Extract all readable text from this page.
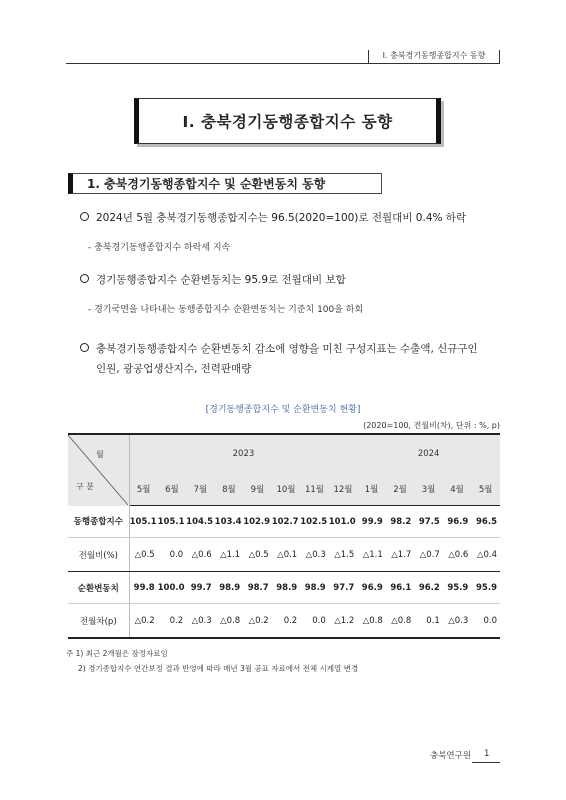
Ⅰ. 충북경기동행종합지수 동향
Ⅰ. 충북경기동행종합지수 동향
1. 충북경기동행종합지수 및 순환변동치 동향
2024년 5월 충북경기동행종합지수는 96.5(2020=100)로 전월대비 0.4% 하락
- 충북경기동행종합지수 하락세 지속
경기동행종합지수 순환변동치는 95.9로 전월대비 보합
- 경기국면을 나타내는 동행종합지수 순환변동치는 기준치 100을 하회
충북경기동행종합지수 순환변동치 감소에 영향을 미친 구성지표는 수출액, 신규구인
인원, 광공업생산지수, 전력판매량
[경기동행종합지수 및 순환변동치 현황]
(2020=100, 전월비(차), 단위 : %, p)
월
구 분	2023								2024				
	5월	6월	7월	8월	9월	10월	11월	12월	1월	2월	3월	4월	5월
동행종합지수	105.1	105.1	104.5	103.4	102.9	102.7	102.5	101.0	99.9	98.2	97.5	96.9	96.5
전월비(%)	△0.5	0.0	△0.6	△1.1	△0.5	△0.1	△0.3	△1.5	△1.1	△1.7	△0.7	△0.6	△0.4
순환변동치	99.8	100.0	99.7	98.9	98.7	98.9	98.9	97.7	96.9	96.1	96.2	95.9	95.9
전월차(p)	△0.2	0.2	△0.3	△0.8	△0.2	0.2	0.0	△1.2	△0.8	△0.8	0.1	△0.3	0.0
주 1) 최근 2개월은 잠정자료임
2) 경기종합지수 연간보정 결과 반영에 따라 매년 3월 공표 자료에서 전체 시계열 변경
충북연구원 1
